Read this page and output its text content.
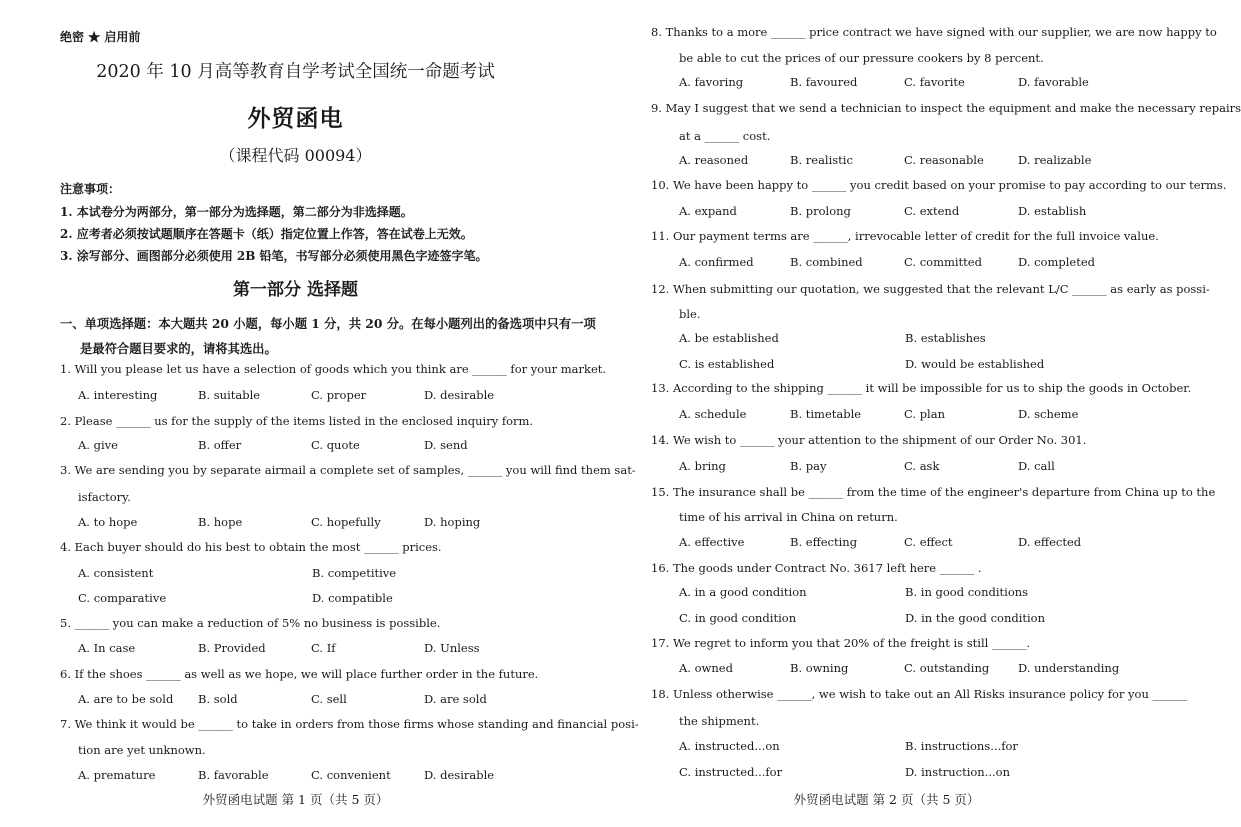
绝密 ★ 启用前
2020 年 10 月高等教育自学考试全国统一命题考试
外贸函电
（课程代码 00094）
注意事项：
1. 本试卷分为两部分，第一部分为选择题，第二部分为非选择题。
2. 应考者必须按试题顺序在答题卡（纸）指定位置上作答，答在试卷上无效。
3. 涂写部分、画图部分必须使用 2B 铅笔，书写部分必须使用黑色字迹签字笔。
第一部分 选择题
一、单项选择题：本大题共 20 小题，每小题 1 分，共 20 分。在每小题列出的备选项中只有一项
是最符合题目要求的，请将其选出。
1. Will you please let us have a selection of goods which you think are ______ for your market.
A. interesting	B. suitable	C. proper	D. desirable
2. Please ______ us for the supply of the items listed in the enclosed inquiry form.
A. give	B. offer	C. quote	D. send
3. We are sending you by separate airmail a complete set of samples, ______ you will find them sat-
isfactory.
A. to hope	B. hope	C. hopefully	D. hoping
4. Each buyer should do his best to obtain the most ______ prices.
A. consistent	B. competitive
C. comparative	D. compatible
5. ______ you can make a reduction of 5% no business is possible.
A. In case	B. Provided	C. If	D. Unless
6. If the shoes ______ as well as we hope, we will place further order in the future.
A. are to be sold B. sold	C. sell	D. are sold
7. We think it would be ______ to take in orders from those firms whose standing and financial posi-
tion are yet unknown.
A. premature	B. favorable	C. convenient	D. desirable
外贸函电试题 第 1 页（共 5 页）
8. Thanks to a more ______ price contract we have signed with our supplier, we are now happy to
be able to cut the prices of our pressure cookers by 8 percent.
A. favoring	B. favoured	C. favorite	D. favorable
9. May I suggest that we send a technician to inspect the equipment and make the necessary repairs
at a ______ cost.
A. reasoned	B. realistic	C. reasonable	D. realizable
10. We have been happy to ______ you credit based on your promise to pay according to our terms.
A. expand	B. prolong	C. extend	D. establish
11. Our payment terms are ______, irrevocable letter of credit for the full invoice value.
A. confirmed	B. combined	C. committed	D. completed
12. When submitting our quotation, we suggested that the relevant L/C ______ as early as possi-
ble.
A. be established	B. establishes
C. is established	D. would be established
13. According to the shipping ______ it will be impossible for us to ship the goods in October.
A. schedule	B. timetable	C. plan	D. scheme
14. We wish to ______ your attention to the shipment of our Order No. 301.
A. bring	B. pay	C. ask	D. call
15. The insurance shall be ______ from the time of the engineer's departure from China up to the
time of his arrival in China on return.
A. effective	B. effecting	C. effect	D. effected
16. The goods under Contract No. 3617 left here ______ .
A. in a good condition	B. in good conditions
C. in good condition	D. in the good condition
17. We regret to inform you that 20% of the freight is still ______.
A. owned	B. owning	C. outstanding	D. understanding
18. Unless otherwise ______, we wish to take out an All Risks insurance policy for you ______
the shipment.
A. instructed...on	B. instructions...for
C. instructed...for	D. instruction...on
外贸函电试题 第 2 页（共 5 页）
